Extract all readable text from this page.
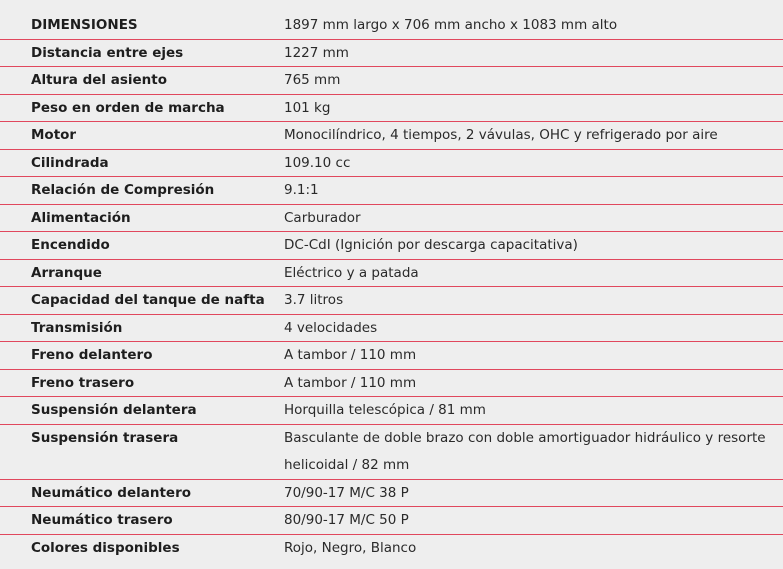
DIMENSIONES	1897 mm largo x 706 mm ancho x 1083 mm alto
Distancia entre ejes	1227 mm
Altura del asiento	765 mm
Peso en orden de marcha	101 kg
Motor	Monocilíndrico, 4 tiempos, 2 vávulas, OHC y refrigerado por aire
Cilindrada	109.10 cc
Relación de Compresión	9.1:1
Alimentación	Carburador
Encendido	DC-CdI (Ignición por descarga capacitativa)
Arranque	Eléctrico y a patada
Capacidad del tanque de nafta	3.7 litros
Transmisión	4 velocidades
Freno delantero	A tambor / 110 mm
Freno trasero	A tambor / 110 mm
Suspensión delantera	Horquilla telescópica / 81 mm
Suspensión trasera	Basculante de doble brazo con doble amortiguador hidráulico y resorte helicoidal / 82 mm
Neumático delantero	70/90-17 M/C 38 P
Neumático trasero	80/90-17 M/C 50 P
Colores disponibles	Rojo, Negro, Blanco
